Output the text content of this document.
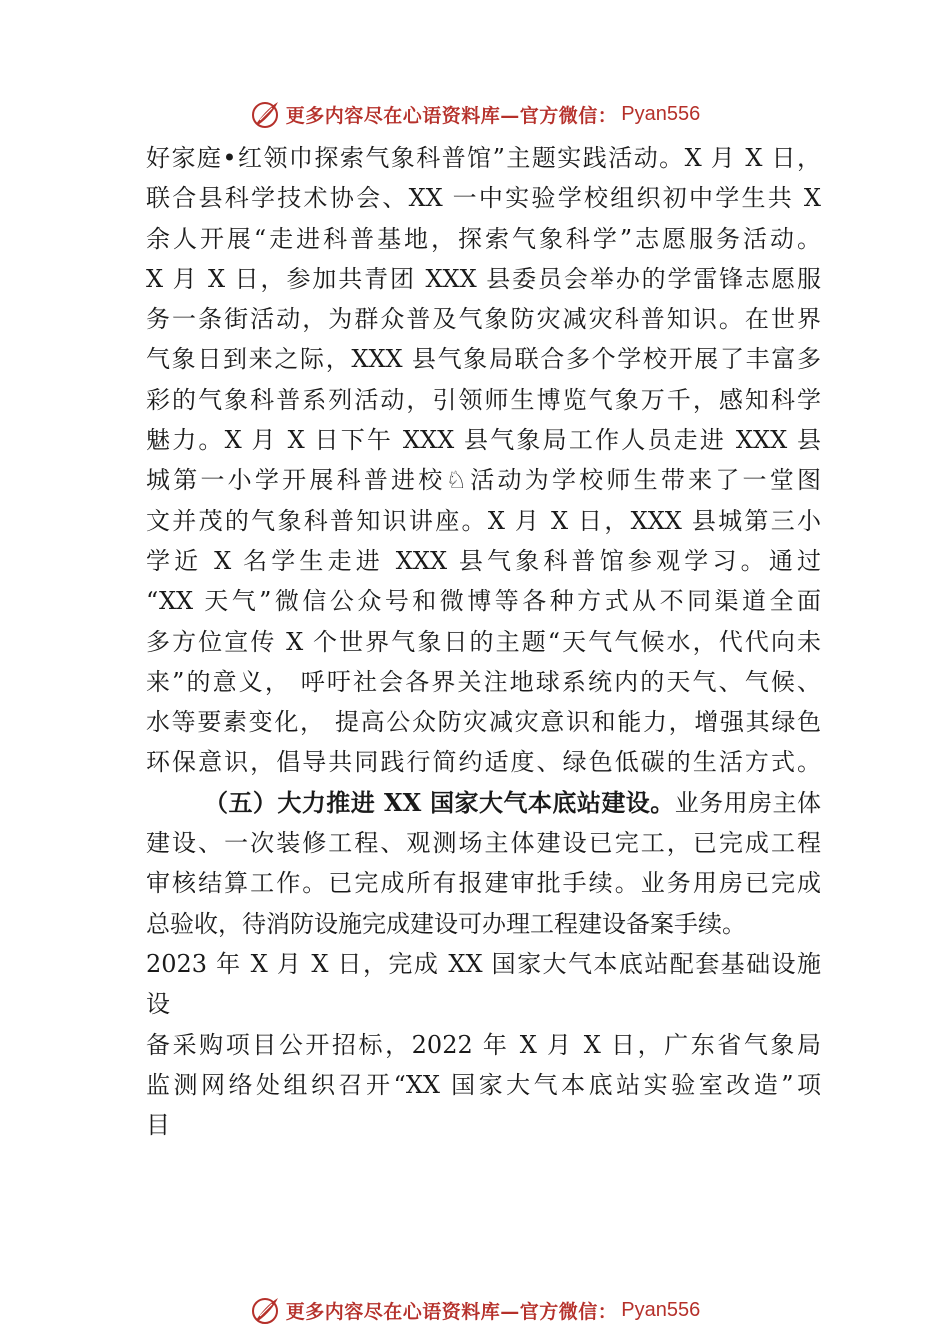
更多内容尽在心语资料库—官方微信： Pyan556
好家庭•红领巾探索气象科普馆”主题实践活动。X 月 X 日，
联合县科学技术协会、XX 一中实验学校组织初中学生共 X
余人开展“走进科普基地，探索气象科学”志愿服务活动。
X 月 X 日，参加共青团 XXX 县委员会举办的学雷锋志愿服
务一条街活动，为群众普及气象防灾减灾科普知识。在世界
气象日到来之际，XXX 县气象局联合多个学校开展了丰富多
彩的气象科普系列活动，引领师生博览气象万千，感知科学
魅力。X 月 X 日下午 XXX 县气象局工作人员走进 XXX 县
城第一小学开展科普进校♘活动为学校师生带来了一堂图
文并茂的气象科普知识讲座。X 月 X 日，XXX 县城第三小
学近 X 名学生走进 XXX 县气象科普馆参观学习。通过
“XX 天气”微信公众号和微博等各种方式从不同渠道全面
多方位宣传 X 个世界气象日的主题“天气气候水，代代向未
来”的意义， 呼吁社会各界关注地球系统内的天气、气候、
水等要素变化， 提高公众防灾减灾意识和能力，增强其绿色
环保意识，倡导共同践行简约适度、绿色低碳的生活方式。
（五）大力推进 XX 国家大气本底站建设。业务用房主体
建设、一次装修工程、观测场主体建设已完工，已完成工程
审核结算工作。已完成所有报建审批手续。业务用房已完成
总验收，待消防设施完成建设可办理工程建设备案手续。
2023 年 X 月 X 日，完成 XX 国家大气本底站配套基础设施
设
备采购项目公开招标，2022 年 X 月 X 日，广东省气象局
监测网络处组织召开“XX 国家大气本底站实验室改造”项
目
更多内容尽在心语资料库—官方微信： Pyan556
